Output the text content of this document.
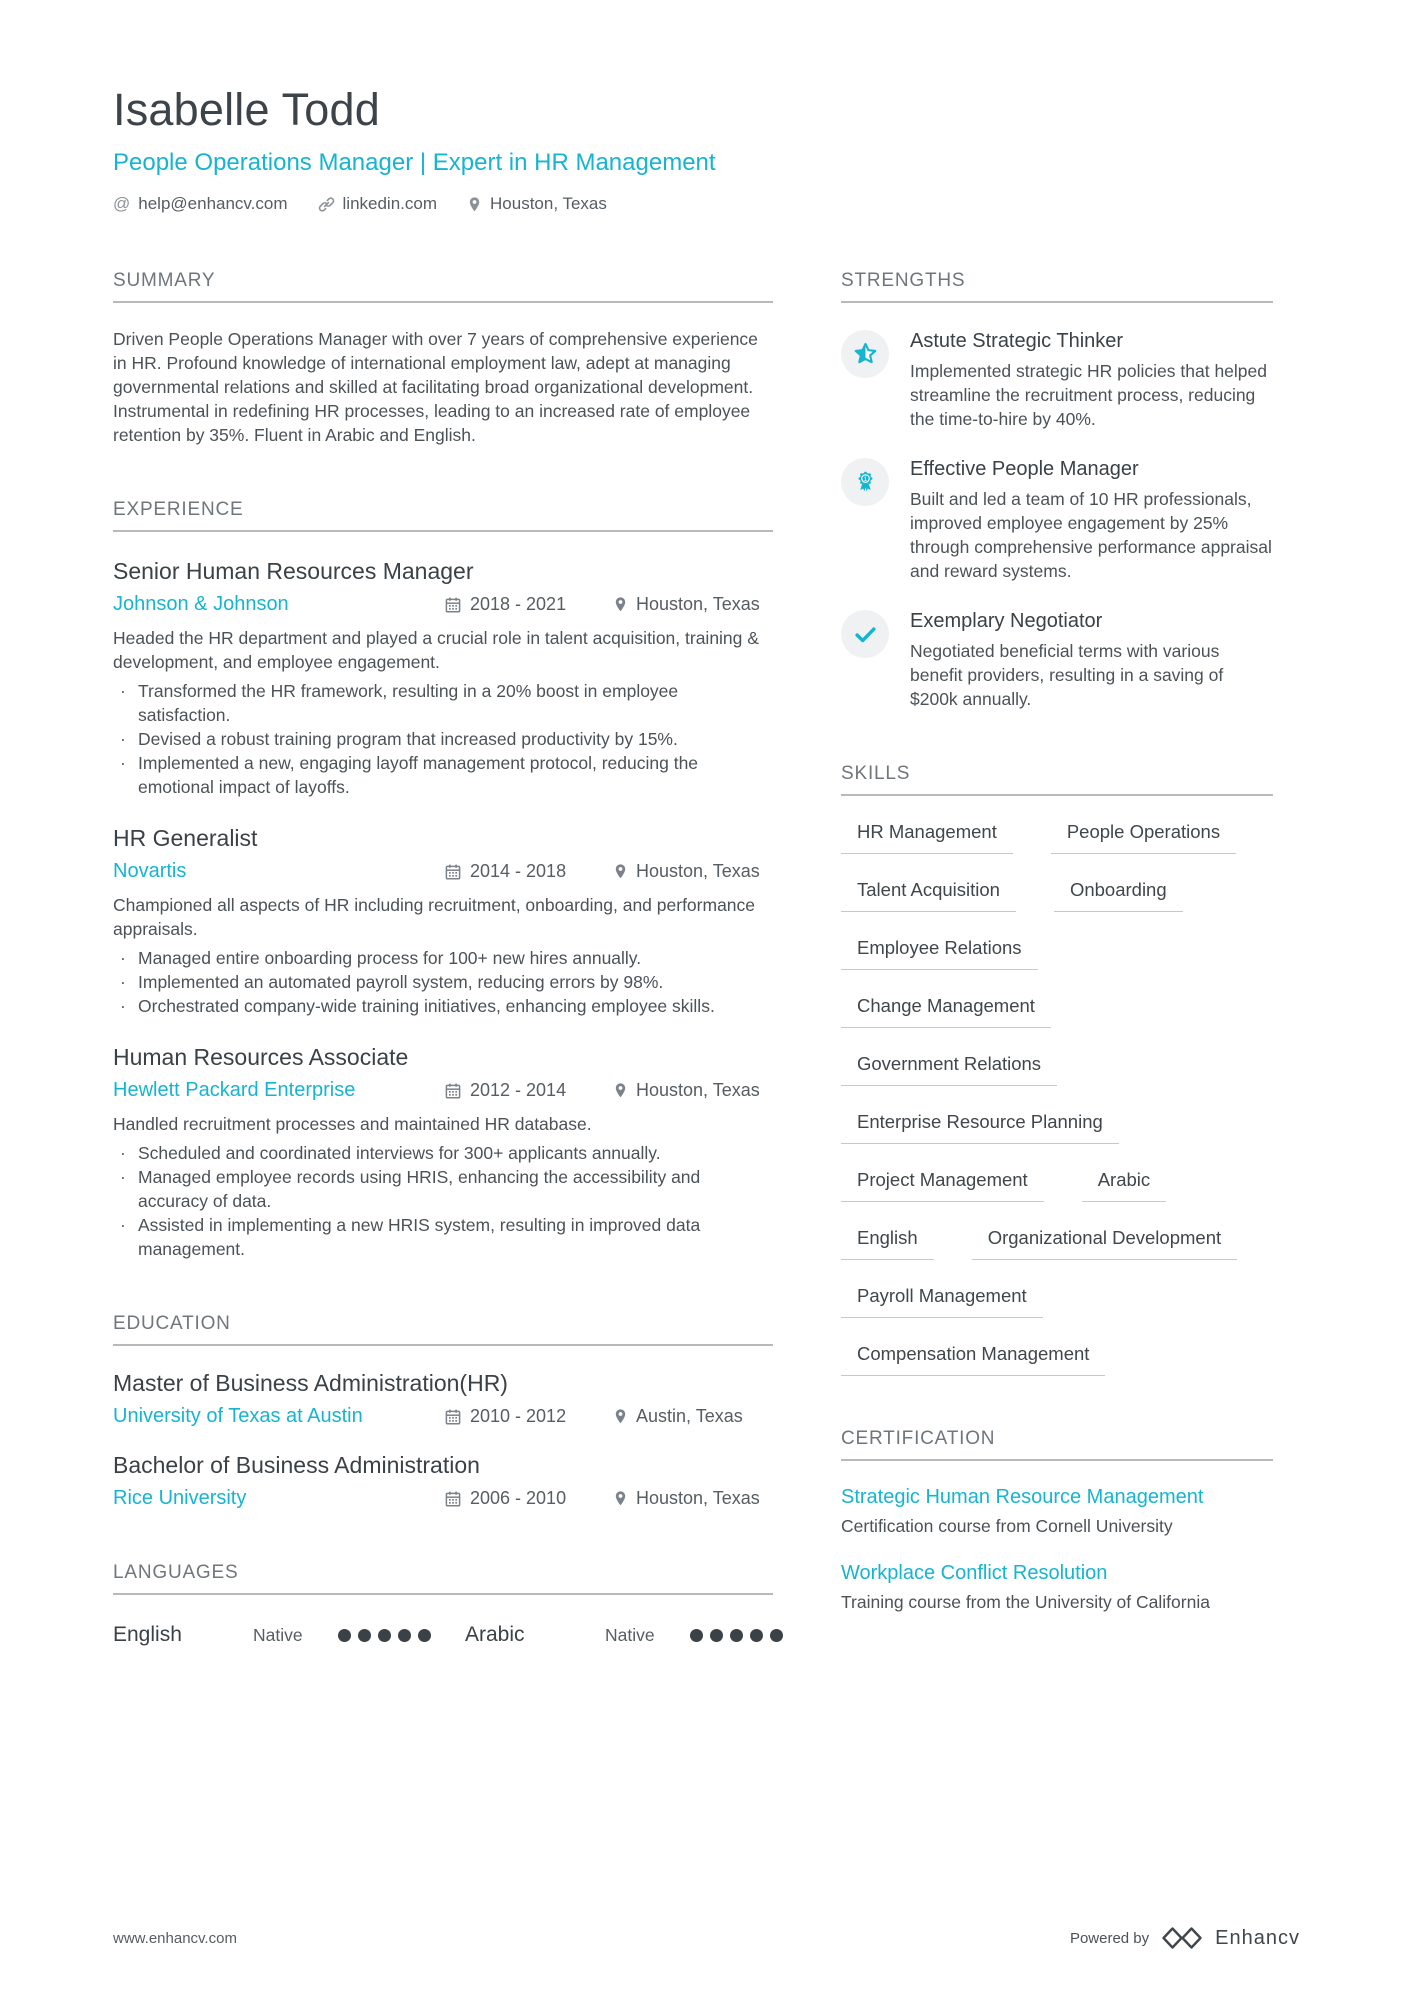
Isabelle Todd
People Operations Manager | Expert in HR Management
@ help@enhancv.com	linkedin.com	Houston, Texas
SUMMARY
Driven People Operations Manager with over 7 years of comprehensive experience in HR. Profound knowledge of international employment law, adept at managing governmental relations and skilled at facilitating broad organizational development. Instrumental in redefining HR processes, leading to an increased rate of employee retention by 35%. Fluent in Arabic and English.
EXPERIENCE
Senior Human Resources Manager
Johnson & Johnson	2018 - 2021	Houston, Texas
Headed the HR department and played a crucial role in talent acquisition, training & development, and employee engagement.
· Transformed the HR framework, resulting in a 20% boost in employee satisfaction.
· Devised a robust training program that increased productivity by 15%.
· Implemented a new, engaging layoff management protocol, reducing the emotional impact of layoffs.
HR Generalist
Novartis	2014 - 2018	Houston, Texas
Championed all aspects of HR including recruitment, onboarding, and performance appraisals.
· Managed entire onboarding process for 100+ new hires annually.
· Implemented an automated payroll system, reducing errors by 98%.
· Orchestrated company-wide training initiatives, enhancing employee skills.
Human Resources Associate
Hewlett Packard Enterprise	2012 - 2014	Houston, Texas
Handled recruitment processes and maintained HR database.
· Scheduled and coordinated interviews for 300+ applicants annually.
· Managed employee records using HRIS, enhancing the accessibility and accuracy of data.
· Assisted in implementing a new HRIS system, resulting in improved data management.
EDUCATION
Master of Business Administration(HR)
University of Texas at Austin	2010 - 2012	Austin, Texas
Bachelor of Business Administration
Rice University	2006 - 2010	Houston, Texas
LANGUAGES
English	Native	Arabic	Native
STRENGTHS
Astute Strategic Thinker
Implemented strategic HR policies that helped streamline the recruitment process, reducing the time-to-hire by 40%.
1 Effective People Manager
Built and led a team of 10 HR professionals, improved employee engagement by 25% through comprehensive performance appraisal and reward systems.
Exemplary Negotiator
Negotiated beneficial terms with various benefit providers, resulting in a saving of $200k annually.
SKILLS
HR Management	People Operations
Talent Acquisition	Onboarding
Employee Relations
Change Management
Government Relations
Enterprise Resource Planning
Project Management	Arabic
English	Organizational Development
Payroll Management
Compensation Management
CERTIFICATION
Strategic Human Resource Management
Certification course from Cornell University
Workplace Conflict Resolution
Training course from the University of California
www.enhancv.com	Powered by	Enhancv
